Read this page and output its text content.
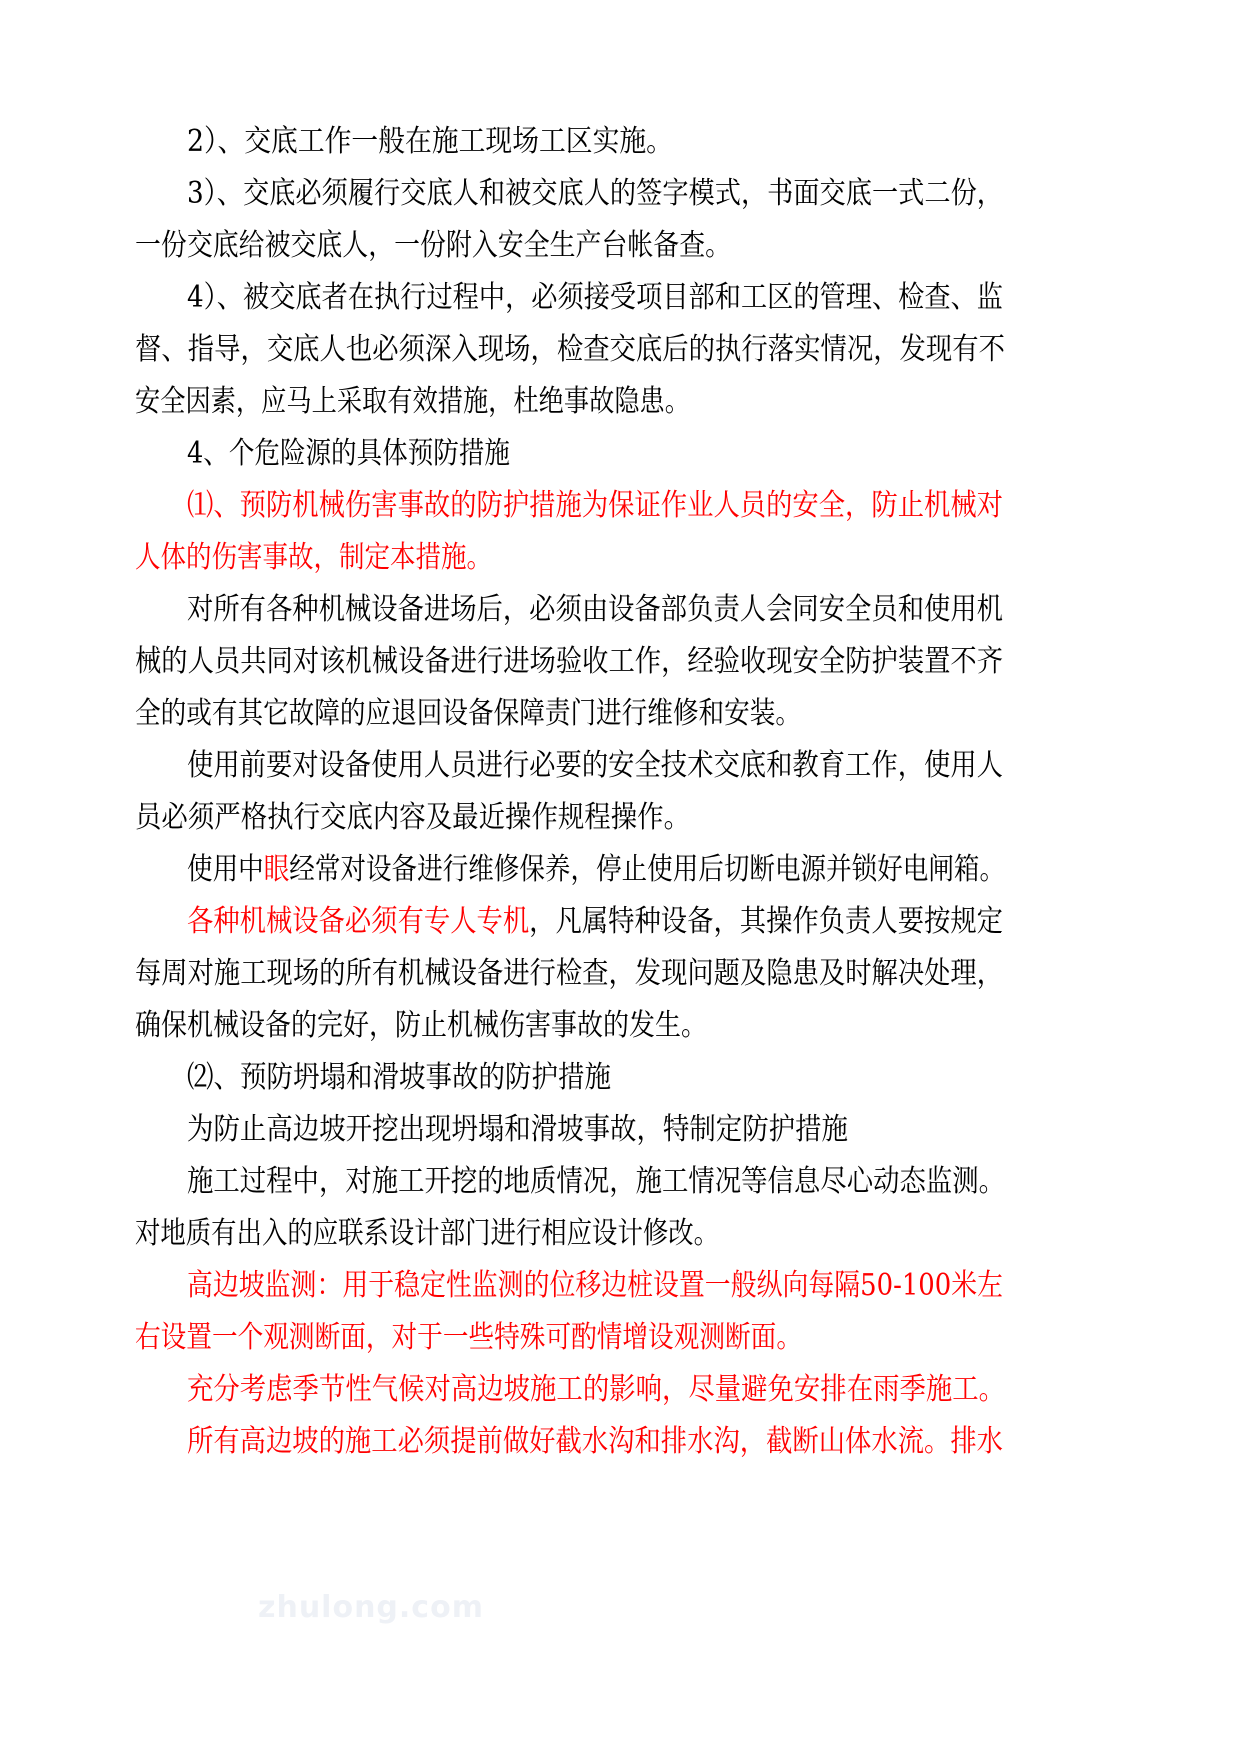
2）、交底工作一般在施工现场工区实施。
3）、交底必须履行交底人和被交底人的签字模式，书面交底一式二份，
一份交底给被交底人，一份附入安全生产台帐备查。
4）、被交底者在执行过程中，必须接受项目部和工区的管理、检查、监
督、指导，交底人也必须深入现场，检查交底后的执行落实情况，发现有不
安全因素，应马上采取有效措施，杜绝事故隐患。
4、个危险源的具体预防措施
⑴、预防机械伤害事故的防护措施为保证作业人员的安全，防止机械对
人体的伤害事故，制定本措施。
对所有各种机械设备进场后，必须由设备部负责人会同安全员和使用机
械的人员共同对该机械设备进行进场验收工作，经验收现安全防护装置不齐
全的或有其它故障的应退回设备保障责门进行维修和安装。
使用前要对设备使用人员进行必要的安全技术交底和教育工作，使用人
员必须严格执行交底内容及最近操作规程操作。
使用中眼经常对设备进行维修保养，停止使用后切断电源并锁好电闸箱。
各种机械设备必须有专人专机，凡属特种设备，其操作负责人要按规定
每周对施工现场的所有机械设备进行检查，发现问题及隐患及时解决处理，
确保机械设备的完好，防止机械伤害事故的发生。
⑵、预防坍塌和滑坡事故的防护措施
为防止高边坡开挖出现坍塌和滑坡事故，特制定防护措施
施工过程中，对施工开挖的地质情况，施工情况等信息尽心动态监测。
对地质有出入的应联系设计部门进行相应设计修改。
高边坡监测：用于稳定性监测的位移边桩设置一般纵向每隔50-100米左
右设置一个观测断面，对于一些特殊可酌情增设观测断面。
充分考虑季节性气候对高边坡施工的影响，尽量避免安排在雨季施工。
所有高边坡的施工必须提前做好截水沟和排水沟，截断山体水流。排水
zhulong.com
